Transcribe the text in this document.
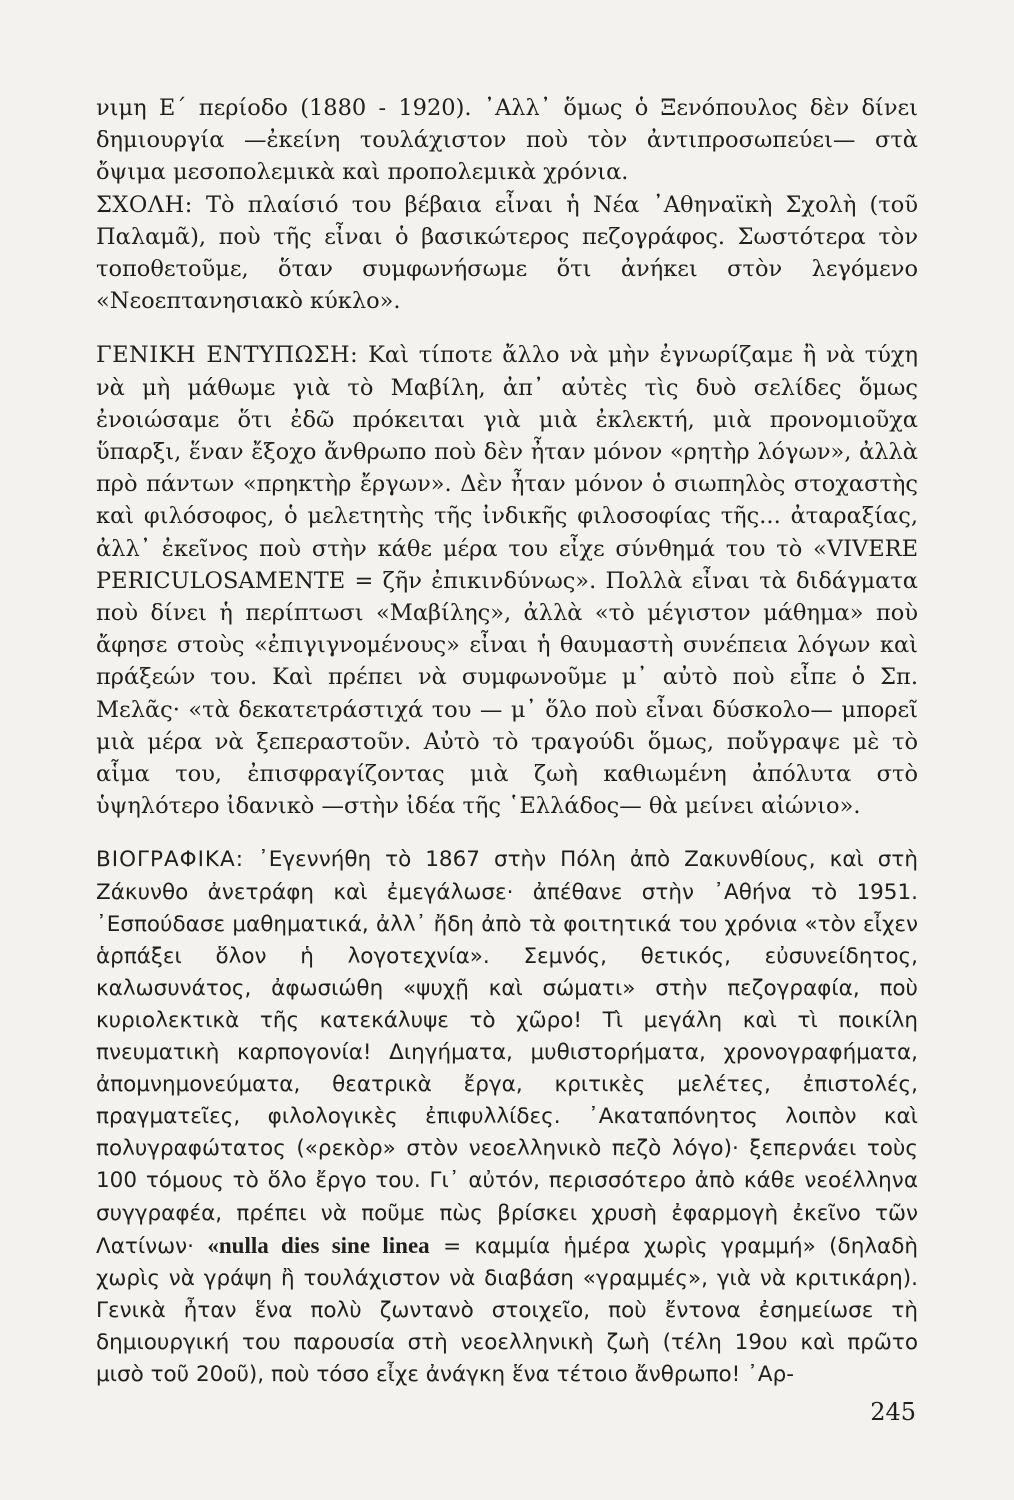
νιμη Ε΄ περίοδο (1880 - 1920). ᾿Αλλ᾿ ὅμως ὁ Ξενόπουλος δὲν δίνει δημιουργία —ἐκείνη τουλάχιστον ποὺ τὸν ἀντιπροσωπεύει— στὰ ὄψιμα μεσοπολεμικὰ καὶ προπολεμικὰ χρόνια.

ΣΧΟΛΗ: Τὸ πλαίσιό του βέβαια εἶναι ἡ Νέα ᾿Αθηναϊκὴ Σχολὴ (τοῦ Παλαμᾶ), ποὺ τῆς εἶναι ὁ βασικώτερος πεζογράφος. Σωστότερα τὸν τοποθετοῦμε, ὅταν συμφωνήσωμε ὅτι ἀνήκει στὸν λεγόμενο «Νεοεπτανησιακὸ κύκλο».

ΓΕΝΙΚΗ ΕΝΤΥΠΩΣΗ: Καὶ τίποτε ἄλλο νὰ μὴν ἐγνωρίζαμε ἢ νὰ τύχη νὰ μὴ μάθωμε γιὰ τὸ Μαβίλη, ἀπ᾿ αὐτὲς τὶς δυὸ σελίδες ὅμως ἐνοιώσαμε ὅτι ἐδῶ πρόκειται γιὰ μιὰ ἐκλεκτή, μιὰ προνομιοῦχα ὕπαρξι, ἕναν ἔξοχο ἄνθρωπο ποὺ δὲν ἦταν μόνον «ρητὴρ λόγων», ἀλλὰ πρὸ πάντων «πρηκτὴρ ἔργων». Δὲν ἦταν μόνον ὁ σιωπηλὸς στοχαστὴς καὶ φιλόσοφος, ὁ μελετητὴς τῆς ἰνδικῆς φιλοσοφίας τῆς... ἀταραξίας, ἀλλ᾿ ἐκεῖνος ποὺ στὴν κάθε μέρα του εἶχε σύνθημά του τὸ «VIVERE PERICULOSAMENTE = ζῆν ἐπικινδύνως». Πολλὰ εἶναι τὰ διδάγματα ποὺ δίνει ἡ περίπτωσι «Μαβίλης», ἀλλὰ «τὸ μέγιστον μάθημα» ποὺ ἄφησε στοὺς «ἐπιγιγνομένους» εἶναι ἡ θαυμαστὴ συνέπεια λόγων καὶ πράξεών του. Καὶ πρέπει νὰ συμφωνοῦμε μ᾿ αὐτὸ ποὺ εἶπε ὁ Σπ. Μελᾶς· «τὰ δεκατετράστιχά του — μ᾿ ὅλο ποὺ εἶναι δύσκολο— μπορεῖ μιὰ μέρα νὰ ξεπεραστοῦν. Αὐτὸ τὸ τραγούδι ὅμως, ποὔγραψε μὲ τὸ αἷμα του, ἐπισφραγίζοντας μιὰ ζωὴ καθιωμένη ἀπόλυτα στὸ ὑψηλότερο ἰδανικὸ —στὴν ἰδέα τῆς ῾Ελλάδος— θὰ μείνει αἰώνιο».

ΒΙΟΓΡΑΦΙΚΑ: ᾿Εγεννήθη τὸ 1867 στὴν Πόλη ἀπὸ Ζακυνθίους, καὶ στὴ Ζάκυνθο ἀνετράφη καὶ ἐμεγάλωσε· ἀπέθανε στὴν ᾿Αθήνα τὸ 1951. ᾿Εσπούδασε μαθηματικά, ἀλλ᾿ ἤδη ἀπὸ τὰ φοιτητικά του χρόνια «τὸν εἶχεν ἁρπάξει ὅλον ἡ λογοτεχνία». Σεμνός, θετικός, εὐσυνείδητος, καλωσυνάτος, ἀφωσιώθη «ψυχῇ καὶ σώματι» στὴν πεζογραφία, ποὺ κυριολεκτικὰ τῆς κατεκάλυψε τὸ χῶρο! Τὶ μεγάλη καὶ τὶ ποικίλη πνευματικὴ καρπογονία! Διηγήματα, μυθιστορήματα, χρονογραφήματα, ἀπομνημονεύματα, θεατρικὰ ἔργα, κριτικὲς μελέτες, ἐπιστολές, πραγματεῖες, φιλολογικὲς ἐπιφυλλίδες. ᾿Ακαταπόνητος λοιπὸν καὶ πολυγραφώτατος («ρεκὸρ» στὸν νεοελληνικὸ πεζὸ λόγο)· ξεπερνάει τοὺς 100 τόμους τὸ ὅλο ἔργο του. Γι᾿ αὐτόν, περισσότερο ἀπὸ κάθε νεοέλληνα συγγραφέα, πρέπει νὰ ποῦμε πὼς βρίσκει χρυσὴ ἐφαρμογὴ ἐκεῖνο τῶν Λατίνων· «nulla dies sine linea = καμμία ἡμέρα χωρὶς γραμμή» (δηλαδὴ χωρὶς νὰ γράψη ἢ τουλάχιστον νὰ διαβάση «γραμμές», γιὰ νὰ κριτικάρη). Γενικὰ ἦταν ἕνα πολὺ ζωντανὸ στοιχεῖο, ποὺ ἔντονα ἐσημείωσε τὴ δημιουργική του παρουσία στὴ νεοελληνικὴ ζωὴ (τέλη 19ου καὶ πρῶτο μισὸ τοῦ 20οῦ), ποὺ τόσο εἶχε ἀνάγκη ἕνα τέτοιο ἄνθρωπο! ᾿Αρ-

245
